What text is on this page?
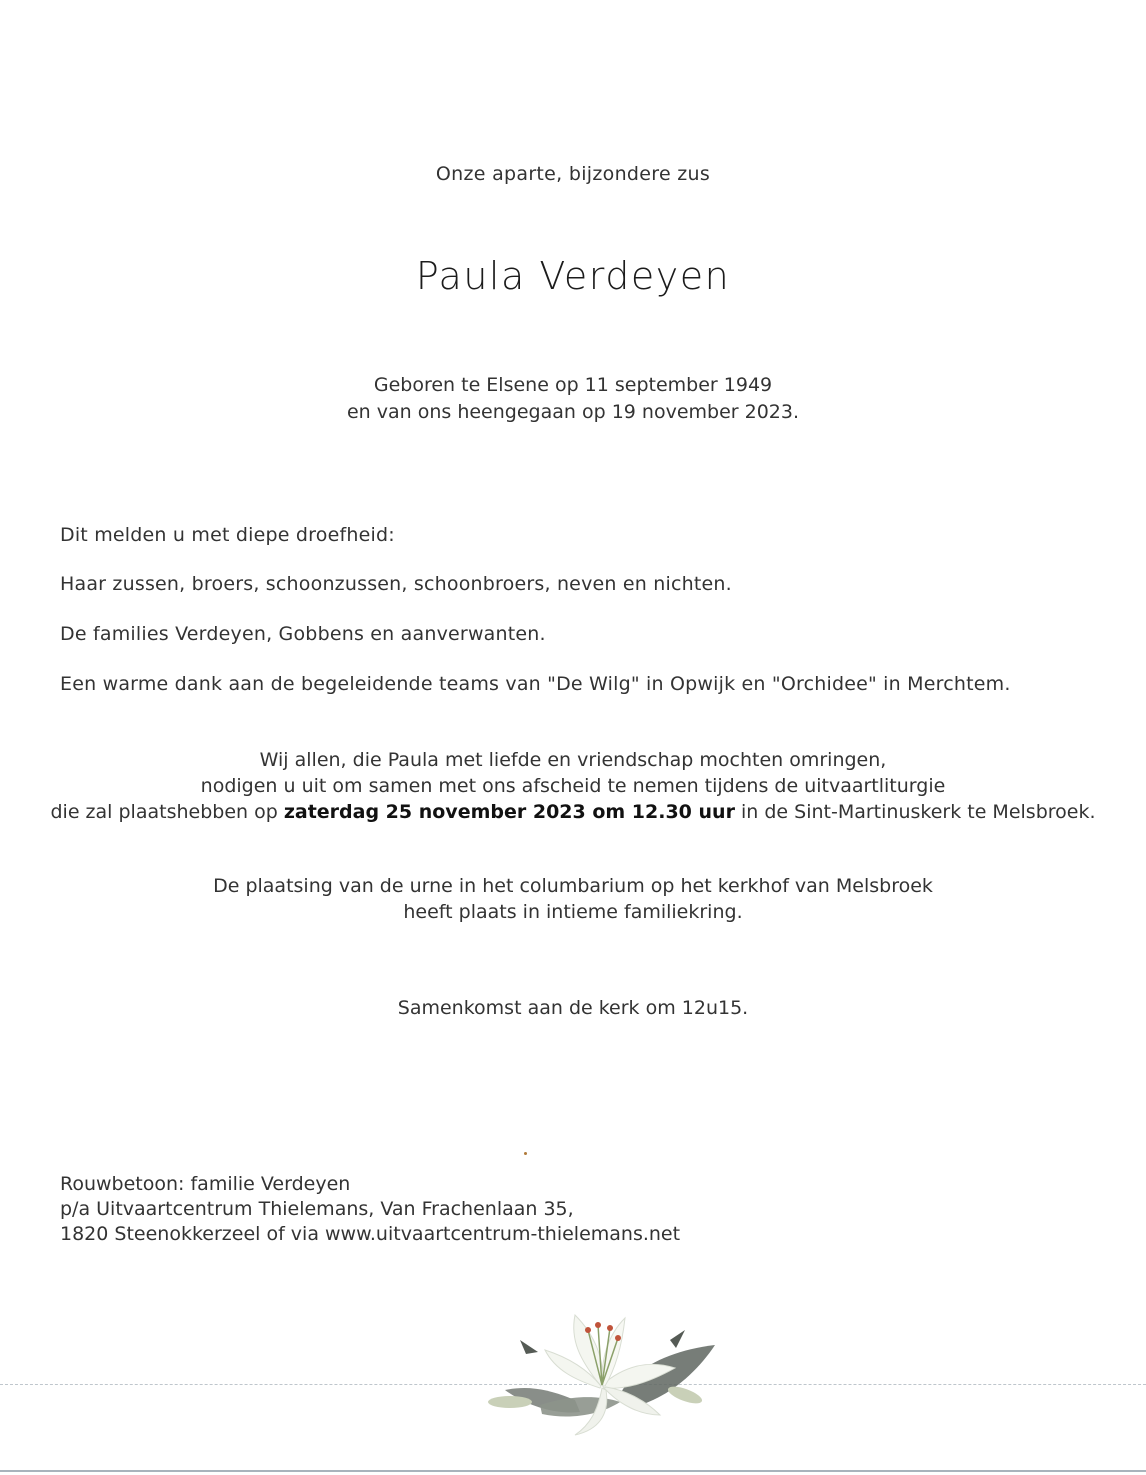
Onze aparte, bijzondere zus
Paula Verdeyen
Geboren te Elsene op 11 september 1949
en van ons heengegaan op 19 november 2023.
Dit melden u met diepe droefheid:
Haar zussen, broers, schoonzussen, schoonbroers, neven en nichten.
De families Verdeyen, Gobbens en aanverwanten.
Een warme dank aan de begeleidende teams van "De Wilg" in Opwijk en "Orchidee" in Merchtem.
Wij allen, die Paula met liefde en vriendschap mochten omringen,
nodigen u uit om samen met ons afscheid te nemen tijdens de uitvaartliturgie
die zal plaatshebben op zaterdag 25 november 2023 om 12.30 uur in de Sint-Martinuskerk te Melsbroek.
De plaatsing van de urne in het columbarium op het kerkhof van Melsbroek
heeft plaats in intieme familiekring.
Samenkomst aan de kerk om 12u15.
Rouwbetoon: familie Verdeyen
p/a Uitvaartcentrum Thielemans, Van Frachenlaan 35,
1820 Steenokkerzeel of via www.uitvaartcentrum-thielemans.net
